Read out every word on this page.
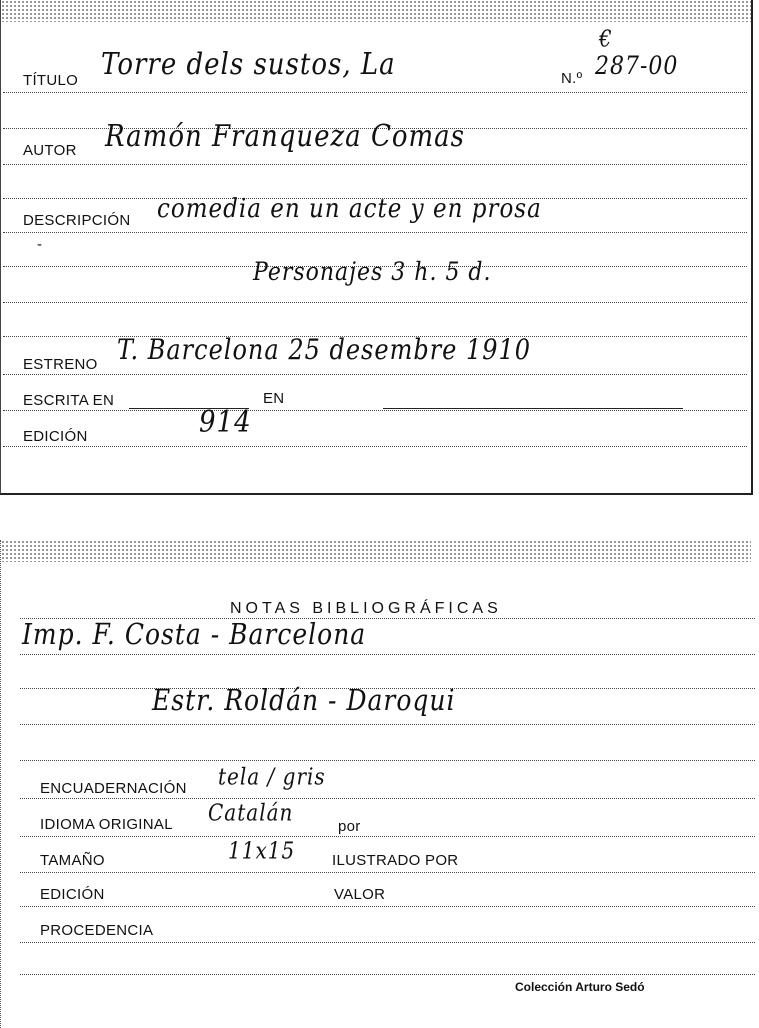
€
TÍTULO Torre dels sustos, La	N.º 287-00
AUTOR Ramón Franqueza Comas
DESCRIPCIÓN comedia en un acte y en prosa
-
Personajes 3 h. 5 d.
ESTRENO T. Barcelona 25 desembre 1910
ESCRITA EN	EN
EDICIÓN	914
NOTAS BIBLIOGRÁFICAS
Imp. F. Costa - Barcelona
Estr. Roldán - Daroqui
ENCUADERNACIÓN tela / gris
IDIOMA ORIGINAL Catalán
por
TAMAÑO	11x15 ILUSTRADO POR
EDICIÓN	VALOR
PROCEDENCIA
Colección Arturo Sedó
